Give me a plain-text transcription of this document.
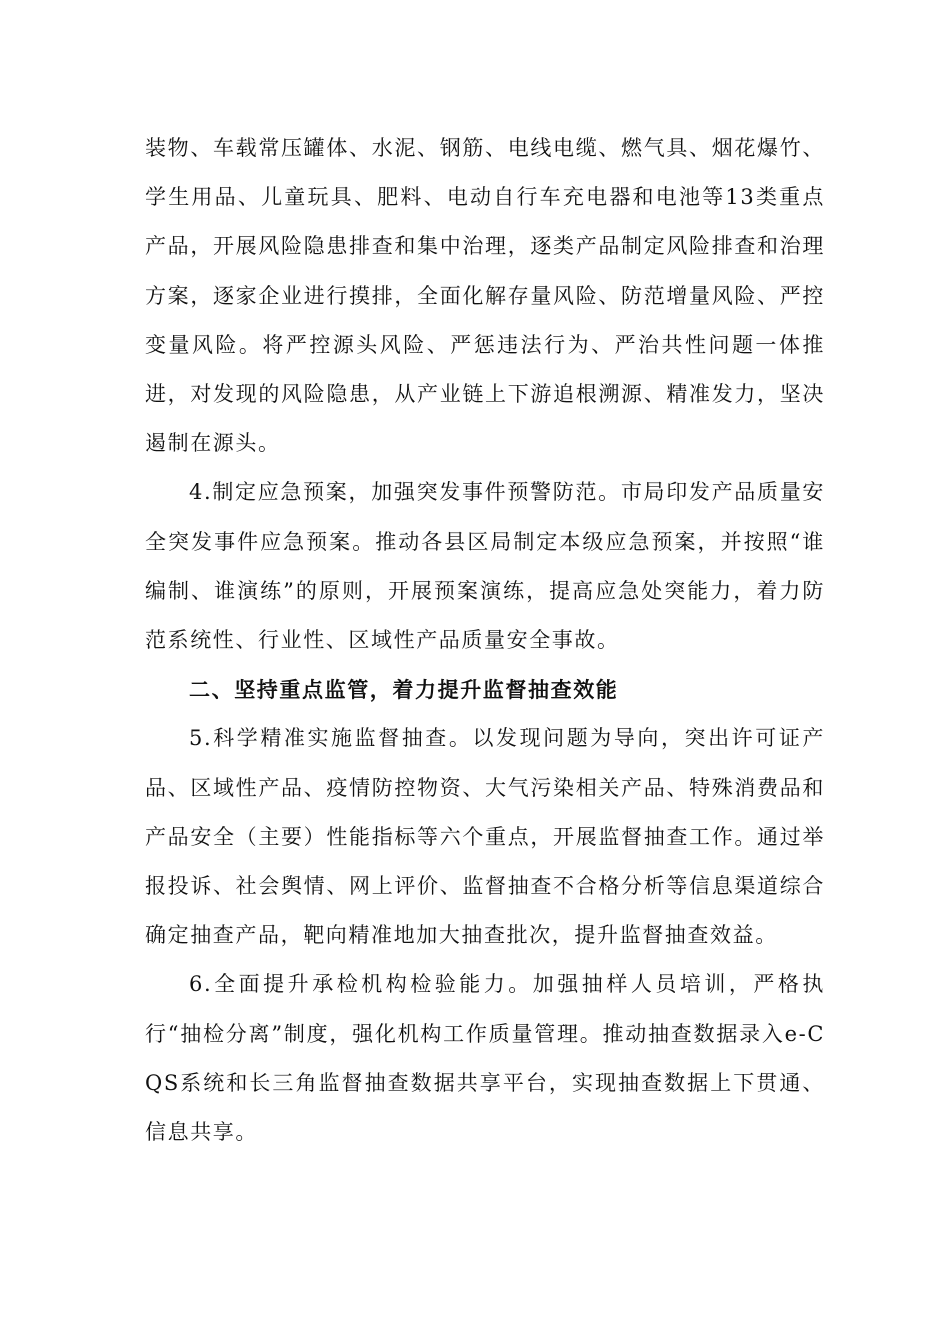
装物、车载常压罐体、水泥、钢筋、电线电缆、燃气具、烟花爆竹、学生用品、儿童玩具、肥料、电动自行车充电器和电池等13类重点产品，开展风险隐患排查和集中治理，逐类产品制定风险排查和治理方案，逐家企业进行摸排，全面化解存量风险、防范增量风险、严控变量风险。将严控源头风险、严惩违法行为、严治共性问题一体推进，对发现的风险隐患，从产业链上下游追根溯源、精准发力，坚决遏制在源头。

4.制定应急预案，加强突发事件预警防范。市局印发产品质量安全突发事件应急预案。推动各县区局制定本级应急预案，并按照“谁编制、谁演练”的原则，开展预案演练，提高应急处突能力，着力防范系统性、行业性、区域性产品质量安全事故。

二、坚持重点监管，着力提升监督抽查效能

5.科学精准实施监督抽查。以发现问题为导向，突出许可证产品、区域性产品、疫情防控物资、大气污染相关产品、特殊消费品和产品安全（主要）性能指标等六个重点，开展监督抽查工作。通过举报投诉、社会舆情、网上评价、监督抽查不合格分析等信息渠道综合确定抽查产品，靶向精准地加大抽查批次，提升监督抽查效益。

6.全面提升承检机构检验能力。加强抽样人员培训，严格执行“抽检分离”制度，强化机构工作质量管理。推动抽查数据录入e-CQS系统和长三角监督抽查数据共享平台，实现抽查数据上下贯通、信息共享。
